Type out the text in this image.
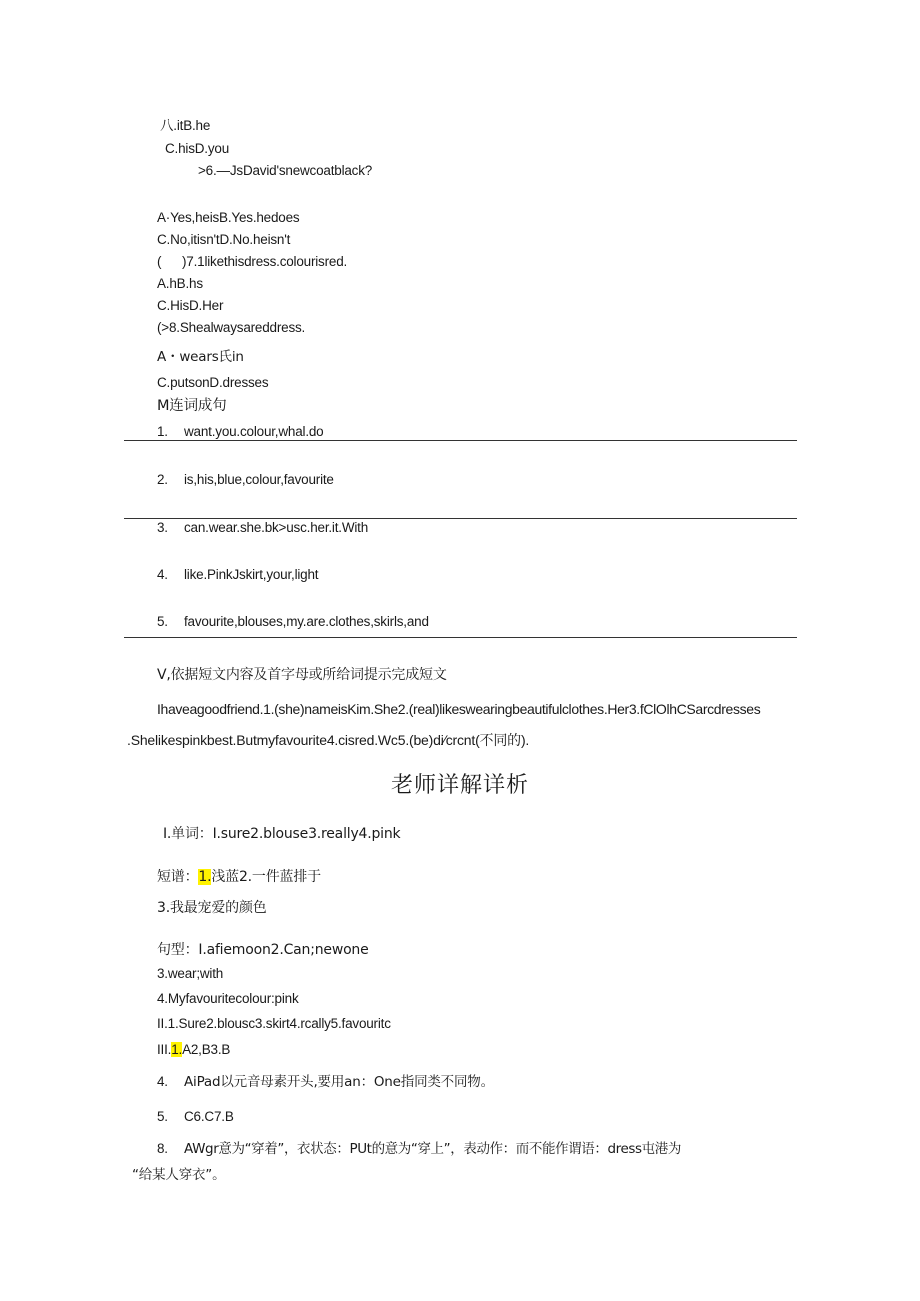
八.itB.he
C.hisD.you
>6.—JsDavid'snewcoatblack?
A·Yes,heisB.Yes.hedoes
C.No,itisn'tD.No.heisn't
( )7.1likethisdress.colourisred.
A.hB.hs
C.HisD.Her
(>8.Shealwaysareddress.
A・wears氏in
C.putsonD.dresses
M连词成句
1. want.you.colour,whal.do
2. is,his,blue,colour,favourite
3. can.wear.she.bk>usc.her.it.With
4. like.PinkJskirt,your,light
5. favourite,blouses,my.are.clothes,skirls,and
V,依据短文内容及首字母或所给词提示完成短文
Ihaveagoodfriend.1.(she)nameisKim.She2.(real)likeswearingbeautifulclothes.Her3.fClOlhCSarcdresses
.Shelikespinkbest.Butmyfavourite4.cisred.Wc5.(be)di∕crcnt(不同的).
老师详解详析
I.单词：I.sure2.blouse3.really4.pink
短谱：1.浅蓝2.一件蓝排于
3.我最宠爱的颜色
句型：I.afiemoon2.Can;newone
3.wear;with
4.Myfavouritecolour:pink
II.1.Sure2.blousc3.skirt4.rcally5.favouritc
III.1.A2,B3.B
4. AiPad以元音母素开头,要用an：One指同类不同物。
5. C6.C7.B
8. AWgr意为“穿着”，衣状态：PUt的意为“穿上”，表动作：而不能作谓语：dress屯港为
“给某人穿衣”。
